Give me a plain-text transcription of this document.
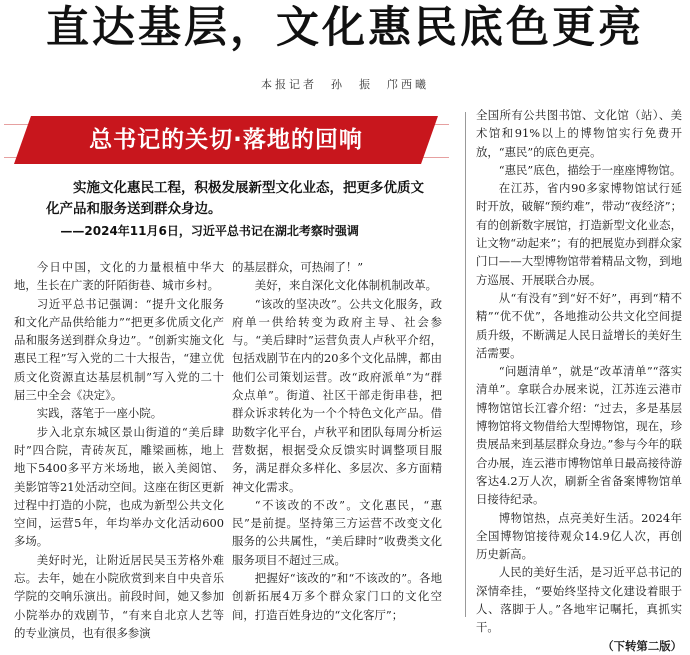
直达基层，文化惠民底色更亮
本报记者　孙　振　邝西曦
总书记的关切·落地的回响

实施文化惠民工程，积极发展新型文化业态，把更多优质文化产品和服务送到群众身边。

——2024年11月6日，习近平总书记在湖北考察时强调

今日中国，文化的力量根植中华大地，生长在广袤的阡陌街巷、城市乡村。

习近平总书记强调：“提升文化服务和文化产品供给能力”“把更多优质文化产品和服务送到群众身边”。“创新实施文化惠民工程”写入党的二十大报告，“建立优质文化资源直达基层机制”写入党的二十届三中全会《决定》。

实践，落笔于一座小院。

步入北京东城区景山街道的“美后肆时”四合院，青砖灰瓦，雕梁画栋，地上地下5400多平方米场地，嵌入美阅馆、美影馆等21处活动空间。这座在街区更新过程中打造的小院，也成为新型公共文化空间，运营5年，年均举办文化活动600多场。

美好时光，让附近居民吴玉芳格外难忘。去年，她在小院欣赏到来自中央音乐学院的交响乐演出。前段时间，她又参加小院举办的戏剧节，“有来自北京人艺等的专业演员，也有很多参演

的基层群众，可热闹了！”

美好，来自深化文化体制机制改革。

“该改的坚决改”。公共文化服务，政府单一供给转变为政府主导、社会参与。“美后肆时”运营负责人卢秋平介绍，包括戏剧节在内的20多个文化品牌，都由他们公司策划运营。改“政府派单”为“群众点单”。街道、社区干部走街串巷，把群众诉求转化为一个个特色文化产品。借助数字化平台，卢秋平和团队每周分析运营数据，根据受众反馈实时调整项目服务，满足群众多样化、多层次、多方面精神文化需求。

“不该改的不改”。文化惠民，“惠民”是前提。坚持第三方运营不改变文化服务的公共属性，“美后肆时”收费类文化服务项目不超过三成。

把握好“该改的”和“不该改的”。各地创新拓展4万多个群众家门口的文化空间，打造百姓身边的“文化客厅”；

全国所有公共图书馆、文化馆（站）、美术馆和91%以上的博物馆实行免费开放，“惠民”的底色更亮。

“惠民”底色，描绘于一座座博物馆。

在江苏，省内90多家博物馆试行延时开放，破解“预约难”，带动“夜经济”；有的创新数字展馆，打造新型文化业态，让文物“动起来”；有的把展览办到群众家门口——大型博物馆带着精品文物，到地方巡展、开展联合办展。

从“有没有”到“好不好”，再到“精不精”“优不优”，各地推动公共文化空间提质升级，不断满足人民日益增长的美好生活需要。

“问题清单”，就是“改革清单”“落实清单”。拿联合办展来说，江苏连云港市博物馆馆长江睿介绍：“过去，多是基层博物馆将文物借给大型博物馆，现在，珍贵展品来到基层群众身边。”参与今年的联合办展，连云港市博物馆单日最高接待游客达4.2万人次，刷新全省备案博物馆单日接待纪录。

博物馆热，点亮美好生活。2024年全国博物馆接待观众14.9亿人次，再创历史新高。

人民的美好生活，是习近平总书记的深情牵挂，“要始终坚持文化建设着眼于人、落脚于人。”各地牢记嘱托，真抓实干。

（下转第二版）
